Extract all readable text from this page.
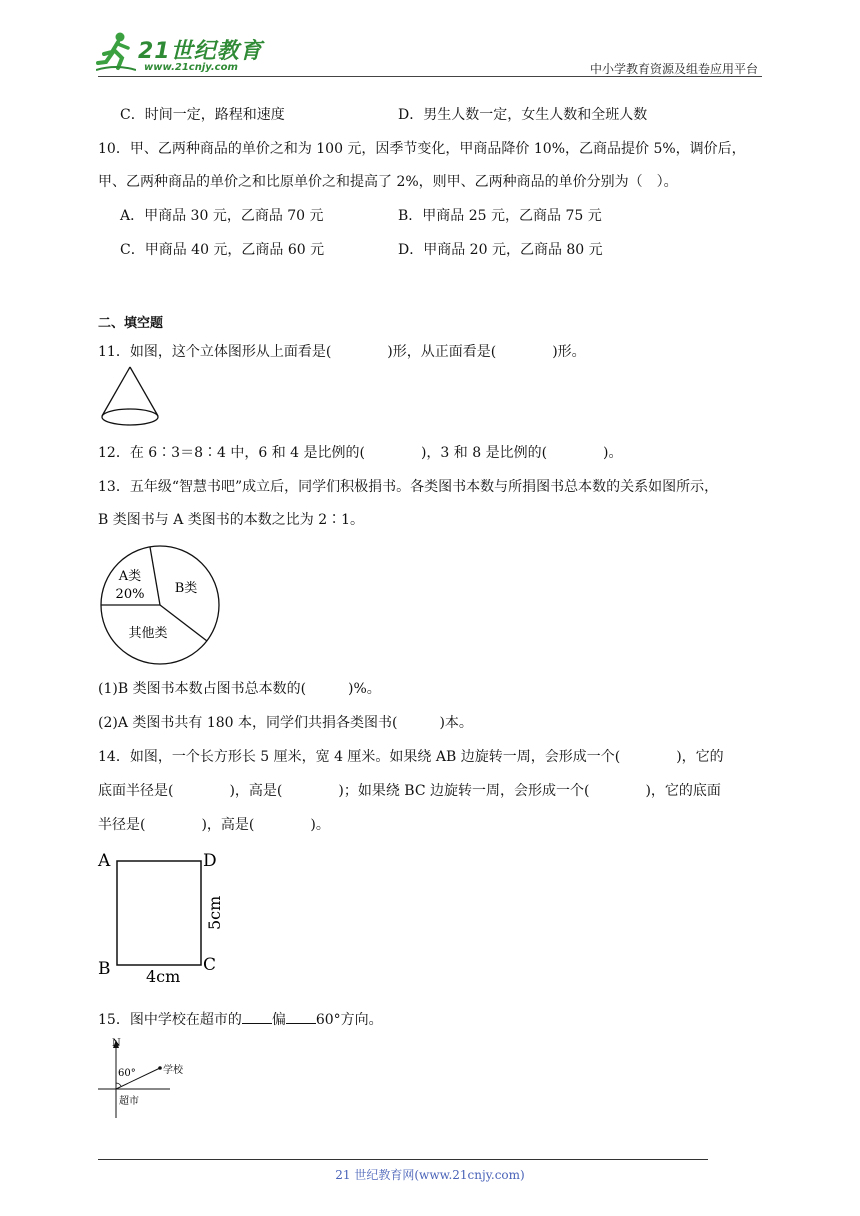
21世纪教育
www.21cnjy.com	中小学教育资源及组卷应用平台
C．时间一定，路程和速度	D．男生人数一定，女生人数和全班人数
10．甲、乙两种商品的单价之和为 100 元，因季节变化，甲商品降价 10%，乙商品提价 5%，调价后，
甲、乙两种商品的单价之和比原单价之和提高了 2%，则甲、乙两种商品的单价分别为（　）。
A．甲商品 30 元，乙商品 70 元	B．甲商品 25 元，乙商品 75 元
C．甲商品 40 元，乙商品 60 元	D．甲商品 20 元，乙商品 80 元
二、填空题
11．如图，这个立体图形从上面看是(　　　　)形，从正面看是(　　　　)形。
12．在 6∶3＝8∶4 中，6 和 4 是比例的(　　　　)，3 和 8 是比例的(　　　　)。
13．五年级“智慧书吧”成立后，同学们积极捐书。各类图书本数与所捐图书总本数的关系如图所示，
B 类图书与 A 类图书的本数之比为 2∶1。
A类
20% B类
其他类
(1)B 类图书本数占图书总本数的(　　　)%。
(2)A 类图书共有 180 本，同学们共捐各类图书(　　　)本。
14．如图，一个长方形长 5 厘米，宽 4 厘米。如果绕 AB 边旋转一周，会形成一个(　　　　)，它的
底面半径是(　　　　)，高是(　　　　)；如果绕 BC 边旋转一周，会形成一个(　　　　)，它的底面
半径是(　　　　)，高是(　　　　)。
A	D
B	C
5cm
4cm
15．图中学校在超市的 偏 60°方向。
N
60°	学校
超市
21 世纪教育网(www.21cnjy.com)
